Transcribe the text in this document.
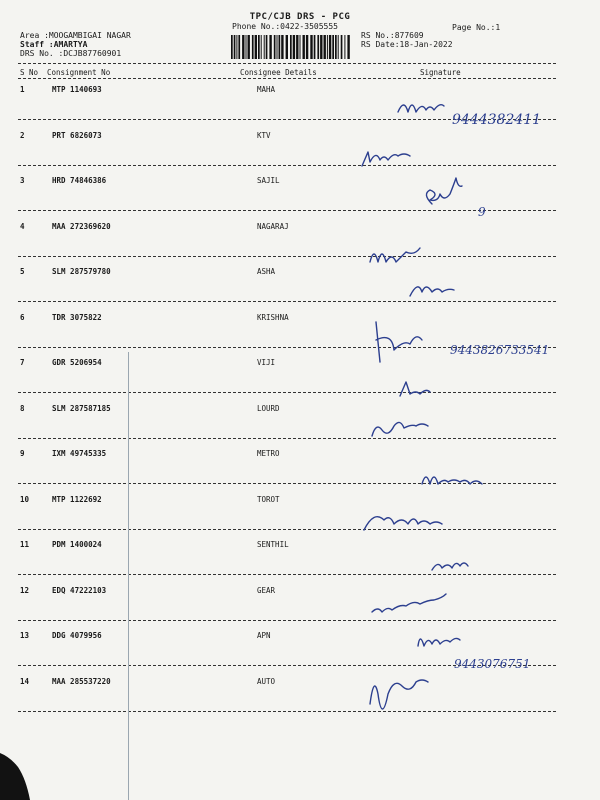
TPC/CJB DRS - PCG
Phone No.:0422-3505555	Page No.:1
Area :MOOGAMBIGAI NAGAR
Staff :AMARTYA
DRS No. :DCJB87760901
RS No.:877609
RS Date:18-Jan-2022
S No Consignment No	Consignee Details	Signature
1	MTP 1140693	MAHA
2	PRT 6826073	KTV
3	HRD 74846386	SAJIL
4	MAA 272369620	NAGARAJ
5	SLM 287579780	ASHA
6	TDR 3075822	KRISHNA
7	GDR 5206954	VIJI
8	SLM 287587185	LOURD
9	IXM 49745335	METRO
10	MTP 1122692	TOROT
11	PDM 1400024	SENTHIL
12	EDQ 47222103	GEAR
13	DDG 4079956	APN
14	MAA 285537220	AUTO
9444382411
9
9443826733541
9443076751
